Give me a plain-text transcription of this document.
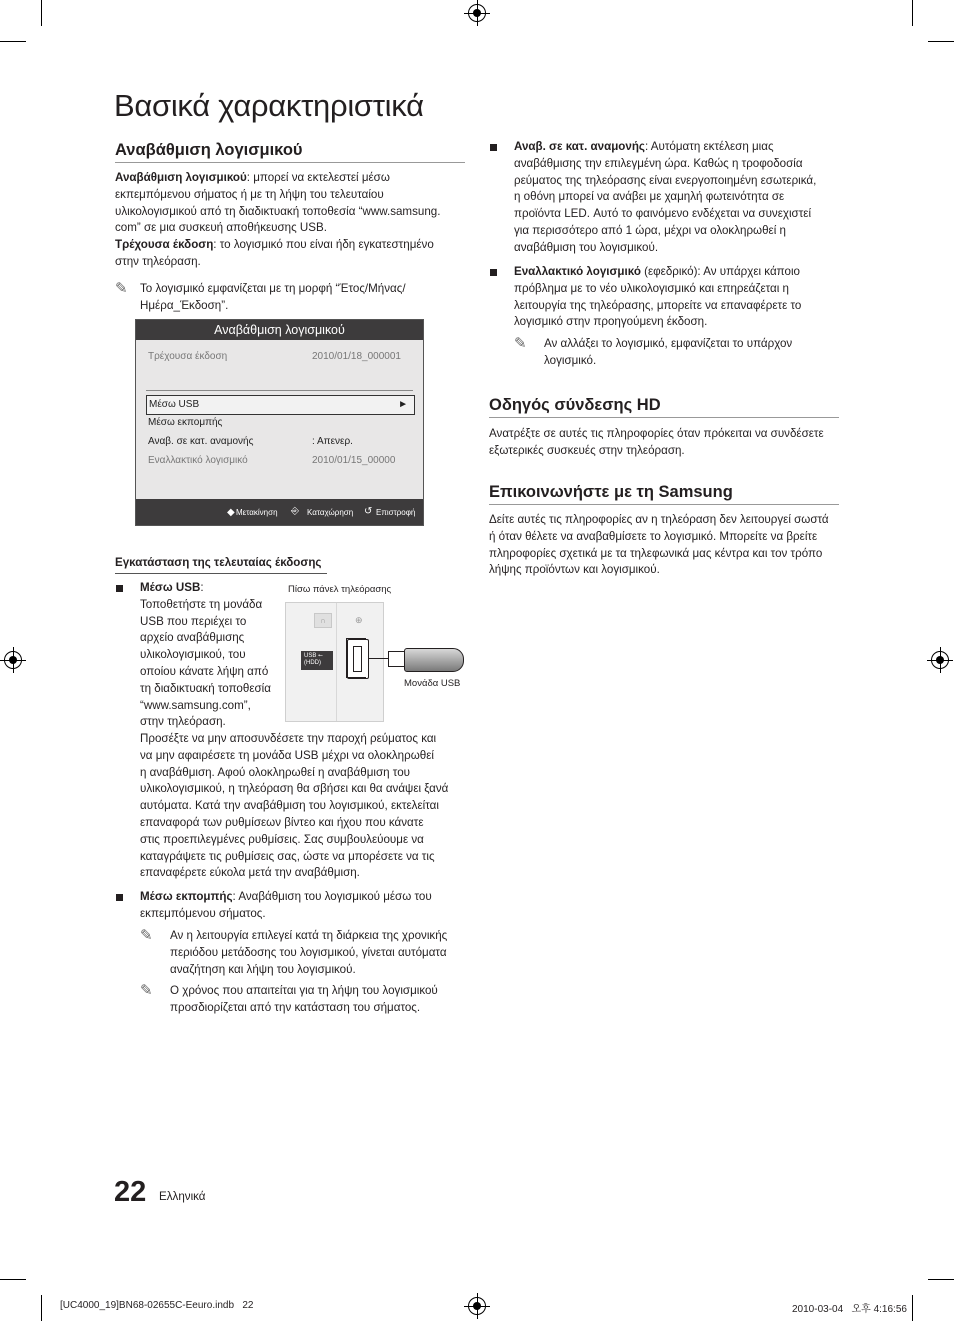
Βασικά χαρακτηριστικά
Αναβάθμιση λογισμικού
Αναβάθμιση λογισμικού: μπορεί να εκτελεστεί μέσω
εκπεμπόμενου σήματος ή με τη λήψη του τελευταίου
υλικολογισμικού από τη διαδικτυακή τοποθεσία “www.samsung.
com” σε μια συσκευή αποθήκευσης USB.
Τρέχουσα έκδοση: το λογισμικό που είναι ήδη εγκατεστημένο
στην τηλεόραση.
✎ Το λογισμικό εμφανίζεται με τη μορφή “Έτος/Μήνας/
Ημέρα_Έκδοση”.
Αναβάθμιση λογισμικού
Τρέχουσα έκδοση	2010/01/18_000001
Μέσω USB	►
Μέσω εκπομπής
Αναβ. σε κατ. αναμονής	: Απενερ.
Εναλλακτικό λογισμικό	2010/01/15_00000
◆ Μετακίνηση ⎆ Καταχώρηση ↺ Επιστροφή
Εγκατάσταση της τελευταίας έκδοσης
Μέσω USB:
Τοποθετήστε τη μονάδα
USB που περιέχει το
αρχείο αναβάθμισης
υλικολογισμικού, του
οποίου κάνατε λήψη από
τη διαδικτυακή τοποθεσία
“www.samsung.com”,
στην τηλεόραση.
Προσέξτε να μην αποσυνδέσετε την παροχή ρεύματος και
να μην αφαιρέσετε τη μονάδα USB μέχρι να ολοκληρωθεί
η αναβάθμιση. Αφού ολοκληρωθεί η αναβάθμιση του
υλικολογισμικού, η τηλεόραση θα σβήσει και θα ανάψει ξανά
αυτόματα. Κατά την αναβάθμιση του λογισμικού, εκτελείται
επαναφορά των ρυθμίσεων βίντεο και ήχου που κάνατε
στις προεπιλεγμένες ρυθμίσεις. Σας συμβουλεύουμε να
καταγράψετε τις ρυθμίσεις σας, ώστε να μπορέσετε να τις
επαναφέρετε εύκολα μετά την αναβάθμιση.
Πίσω πάνελ τηλεόρασης
∩	⊕
USB ⭠
(HDD)
Μονάδα USB
Μέσω εκπομπής: Αναβάθμιση του λογισμικού μέσω του
εκπεμπόμενου σήματος.
✎ Αν η λειτουργία επιλεγεί κατά τη διάρκεια της χρονικής
περιόδου μετάδοσης του λογισμικού, γίνεται αυτόματα
αναζήτηση και λήψη του λογισμικού.
✎ Ο χρόνος που απαιτείται για τη λήψη του λογισμικού
προσδιορίζεται από την κατάσταση του σήματος.
Αναβ. σε κατ. αναμονής: Αυτόματη εκτέλεση μιας
αναβάθμισης την επιλεγμένη ώρα. Καθώς η τροφοδοσία
ρεύματος της τηλεόρασης είναι ενεργοποιημένη εσωτερικά,
η οθόνη μπορεί να ανάβει με χαμηλή φωτεινότητα σε
προϊόντα LED. Αυτό το φαινόμενο ενδέχεται να συνεχιστεί
για περισσότερο από 1 ώρα, μέχρι να ολοκληρωθεί η
αναβάθμιση του λογισμικού.
Εναλλακτικό λογισμικό (εφεδρικό): Αν υπάρχει κάποιο
πρόβλημα με το νέο υλικολογισμικό και επηρεάζεται η
λειτουργία της τηλεόρασης, μπορείτε να επαναφέρετε το
λογισμικό στην προηγούμενη έκδοση.
✎ Αν αλλάξει το λογισμικό, εμφανίζεται το υπάρχον
λογισμικό.
Οδηγός σύνδεσης HD
Ανατρέξτε σε αυτές τις πληροφορίες όταν πρόκειται να συνδέσετε
εξωτερικές συσκευές στην τηλεόραση.
Επικοινωνήστε με τη Samsung
Δείτε αυτές τις πληροφορίες αν η τηλεόραση δεν λειτουργεί σωστά
ή όταν θέλετε να αναβαθμίσετε το λογισμικό. Μπορείτε να βρείτε
πληροφορίες σχετικά με τα τηλεφωνικά μας κέντρα και τον τρόπο
λήψης προϊόντων και λογισμικού.
22 Ελληνικά
[UC4000_19]BN68-02655C-Eeuro.indb   22	2010-03-04   오후 4:16:56
